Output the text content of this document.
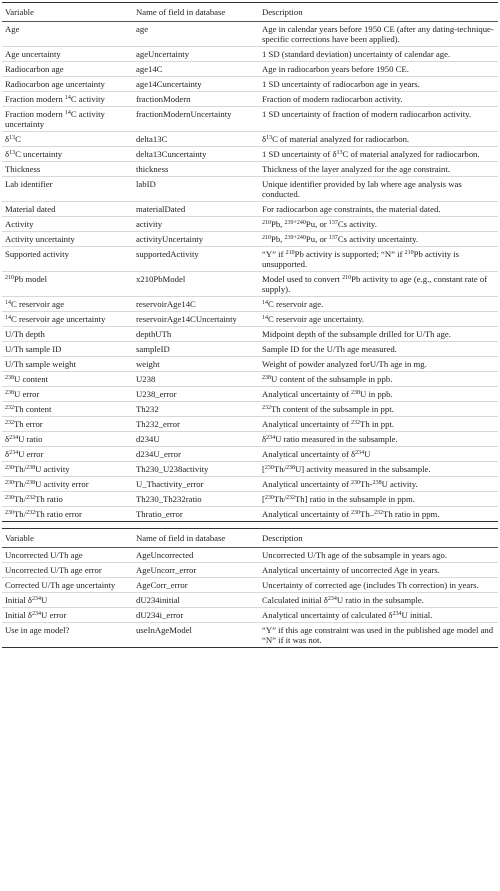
Variable	Name of field in database	Description
Age	age	Age in calendar years before 1950 CE (after any dating-technique-specific corrections have been applied).
Age uncertainty	ageUncertainty	1 SD (standard deviation) uncertainty of calendar age.
Radiocarbon age	age14C	Age in radiocarbon years before 1950 CE.
Radiocarbon age uncertainty	age14Cuncertainty	1 SD uncertainty of radiocarbon age in years.
Fraction modern $^{14}$C activity	fractionModern	Fraction of modern radiocarbon activity.
Fraction modern $^{14}$C activity uncertainty	fractionModernUncertainty	1 SD uncertainty of fraction of modern radiocarbon activity.
$\delta^{13}C$	delta13C	$\delta^{13}C$ of material analyzed for radiocarbon.
$\delta^{13}C$ uncertainty	delta13Cuncertainty	1 SD uncertainty of $\delta^{13}C$ of material analyzed for radiocarbon.
Thickness	thickness	Thickness of the layer analyzed for the age constraint.
Lab identifier	labID	Unique identifier provided by lab where age analysis was conducted.
Material dated	materialDated	For radiocarbon age constraints, the material dated.
Activity	activity	$^{210}$Pb, $^{239+240}$Pu, or $^{137}$Cs activity.
Activity uncertainty	activityUncertainty	$^{210}$Pb, $^{239+240}$Pu, or $^{137}$Cs activity uncertainty.
Supported activity	supportedActivity	“Y” if $^{210}$Pb activity is supported; “N” if $^{210}$Pb activity is unsupported.
$^{210}$Pb model	x210PbModel	Model used to convert $^{210}$Pb activity to age (e.g., constant rate of supply).
$^{14}$C reservoir age	reservoirAge14C	$^{14}$C reservoir age.
$^{14}$C reservoir age uncertainty	reservoirAge14CUncertainty	$^{14}$C reservoir age uncertainty.
U/Th depth	depthUTh	Midpoint depth of the subsample drilled for U/Th age.
U/Th sample ID	sampleID	Sample ID for the U/Th age measured.
U/Th sample weight	weight	Weight of powder analyzed forU/Th age in mg.
$^{238}$U content	U238	$^{238}$U content of the subsample in ppb.
$^{238}$U error	U238_error	Analytical uncertainty of $^{238}$U in ppb.
$^{232}$Th content	Th232	$^{232}$Th content of the subsample in ppt.
$^{232}$Th error	Th232_error	Analytical uncertainty of $^{232}$Th in ppt.
$\delta^{234}U$ ratio	d234U	$\delta^{234}U$ ratio measured in the subsample.
$\delta^{234}U$ error	d234U_error	Analytical uncertainty of $\delta^{234}U$
$^{230}$Th/$^{238}$U activity	Th230_U238activity	[$^{230}$Th/$^{238}$U] activity measured in the subsample.
$^{230}$Th/$^{238}$U activity error	U_Thactivity_error	Analytical uncertainty of $^{230}$Th-$^{238}$U activity.
$^{230}$Th/$^{232}$Th ratio	Th230_Th232ratio	[$^{230}$Th/$^{232}$Th] ratio in the subsample in ppm.
$^{230}$Th/$^{232}$Th ratio error	Thratio_error	Analytical uncertainty of $^{230}$Th–$^{232}$Th ratio in ppm.
Variable	Name of field in database	Description
Uncorrected U/Th age	AgeUncorrected	Uncorrected U/Th age of the subsample in years ago.
Uncorrected U/Th age error	AgeUncorr_error	Analytical uncertainty of uncorrected Age in years.
Corrected U/Th age uncertainty	AgeCorr_error	Uncertainty of corrected age (includes Th correction) in years.
Initial $\delta^{234}U$	dU234initial	Calculated initial $\delta^{234}U$ ratio in the subsample.
Initial $\delta^{234}U$ error	dU234i_error	Analytical uncertainty of calculated $\delta^{234}U$ initial.
Use in age model?	useInAgeModel	“Y” if this age constraint was used in the published age model and “N” if it was not.
